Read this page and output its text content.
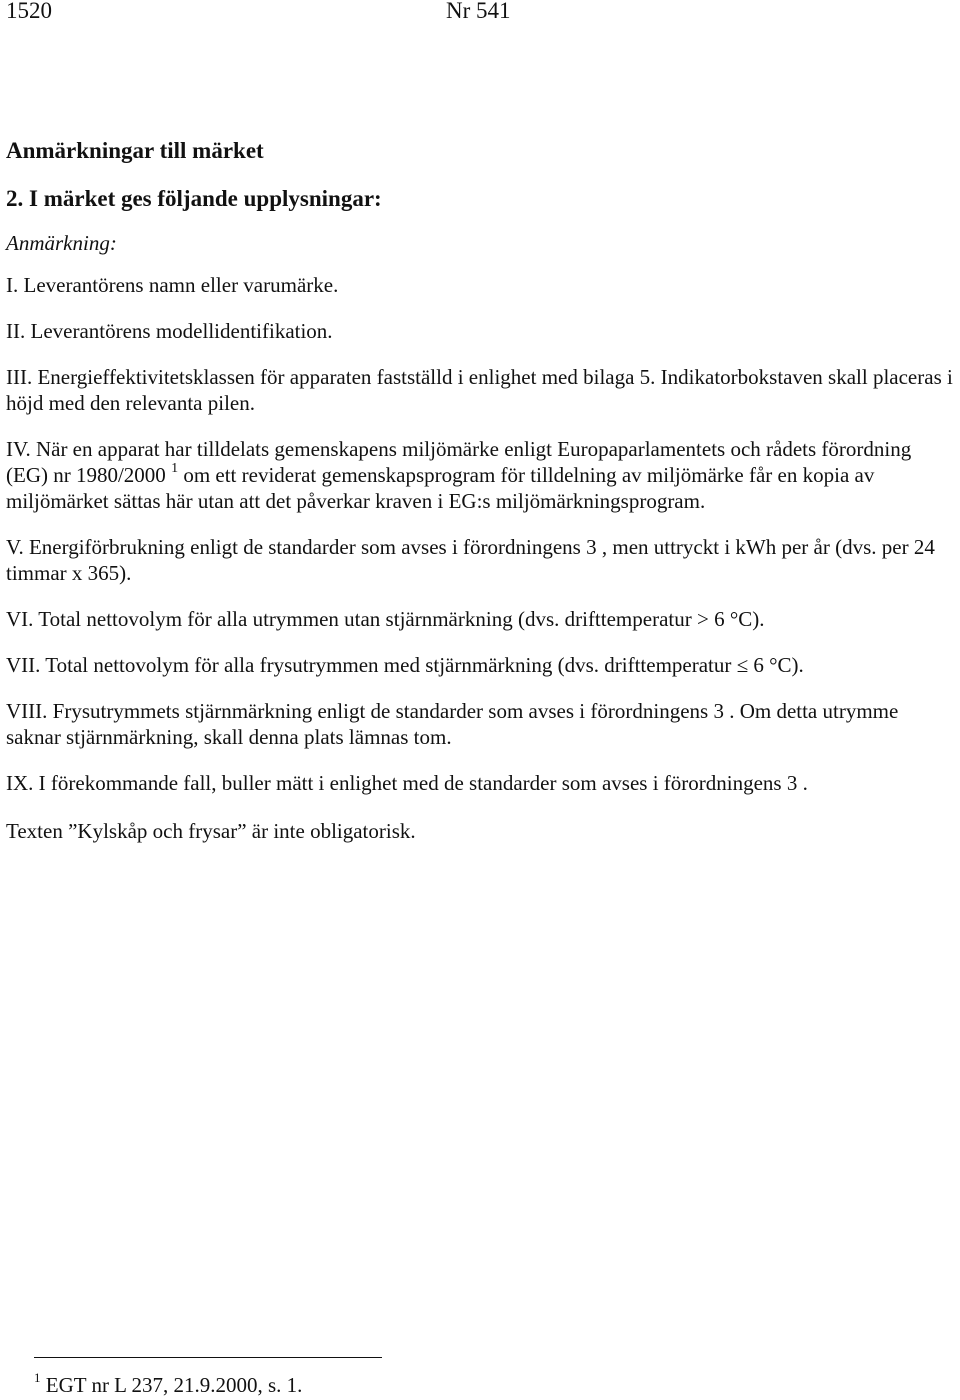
1520	Nr 541

Anmärkningar till märket

2. I märket ges följande upplysningar:

Anmärkning:

I. Leverantörens namn eller varumärke.

II. Leverantörens modellidentifikation.

III. Energieffektivitetsklassen för apparaten fastställd i enlighet med bilaga 5. Indikatorbokstaven skall placeras i höjd med den relevanta pilen.

IV. När en apparat har tilldelats gemenskapens miljömärke enligt Europaparlamentets och rådets förordning (EG) nr 1980/2000 $^1$ om ett reviderat gemenskapsprogram för tilldelning av miljömärke får en kopia av miljömärket sättas här utan att det påverkar kraven i EG:s miljömärkningsprogram.

V. Energiförbrukning enligt de standarder som avses i förordningens 3 , men uttryckt i kWh per år (dvs. per 24 timmar x 365).

VI. Total nettovolym för alla utrymmen utan stjärnmärkning (dvs. drifttemperatur > 6 °C).

VII. Total nettovolym för alla frysutrymmen med stjärnmärkning (dvs. drifttemperatur ≤ 6 °C).

VIII. Frysutrymmets stjärnmärkning enligt de standarder som avses i förordningens 3 . Om detta utrymme saknar stjärnmärkning, skall denna plats lämnas tom.

IX. I förekommande fall, buller mätt i enlighet med de standarder som avses i förordningens 3 .

Texten ”Kylskåp och frysar” är inte obligatorisk.

$^1$ EGT nr L 237, 21.9.2000, s. 1.
